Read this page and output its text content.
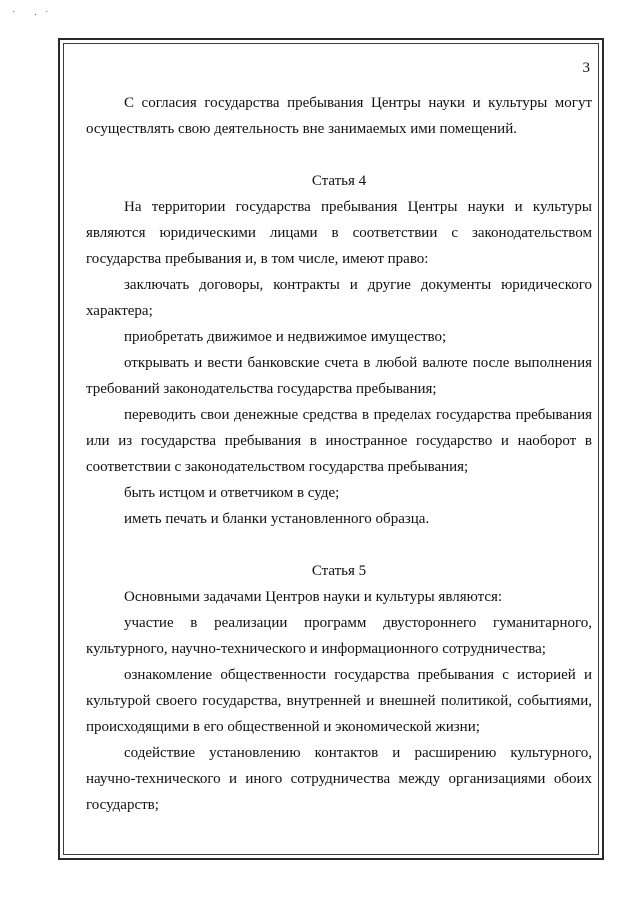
˙ ·˙
3

С согласия государства пребывания Центры науки и культуры могут осуществлять свою деятельность вне занимаемых ими помещений.

Статья 4

На территории государства пребывания Центры науки и культуры являются юридическими лицами в соответствии с законодательством государства пребывания и, в том числе, имеют право:

заключать договоры, контракты и другие документы юридического характера;

приобретать движимое и недвижимое имущество;

открывать и вести банковские счета в любой валюте после выполнения требований законодательства государства пребывания;

переводить свои денежные средства в пределах государства пребывания или из государства пребывания в иностранное государство и наоборот в соответствии с законодательством государства пребывания;

быть истцом и ответчиком в суде;

иметь печать и бланки установленного образца.

Статья 5

Основными задачами Центров науки и культуры являются:

участие в реализации программ двустороннего гуманитарного, культурного, научно-технического и информационного сотрудничества;

ознакомление общественности государства пребывания с историей и культурой своего государства, внутренней и внешней политикой, событиями, происходящими в его общественной и экономической жизни;

содействие установлению контактов и расширению культурного, научно-технического и иного сотрудничества между организациями обоих государств;
